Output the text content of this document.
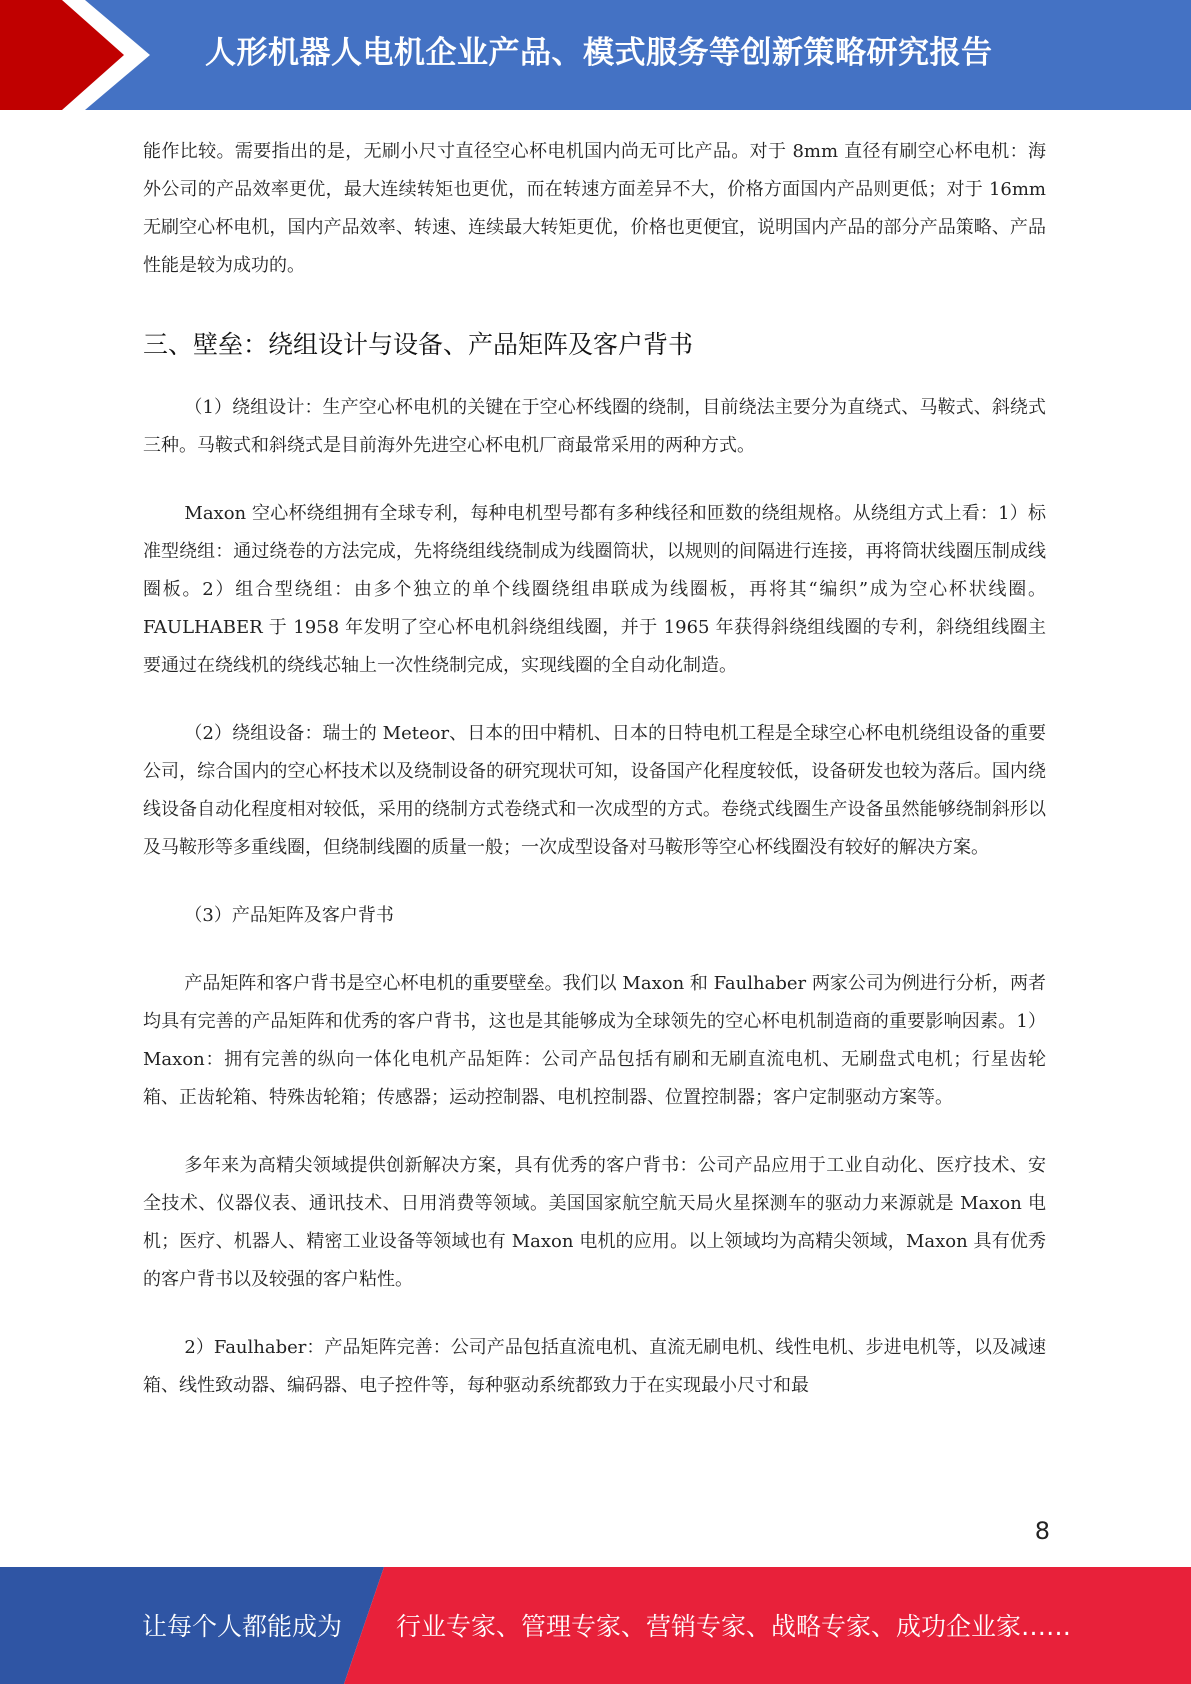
人形机器人电机企业产品、模式服务等创新策略研究报告

能作比较。需要指出的是，无刷小尺寸直径空心杯电机国内尚无可比产品。对于 8mm 直径有刷空心杯电机：海外公司的产品效率更优，最大连续转矩也更优，而在转速方面差异不大，价格方面国内产品则更低；对于 16mm 无刷空心杯电机，国内产品效率、转速、连续最大转矩更优，价格也更便宜，说明国内产品的部分产品策略、产品性能是较为成功的。

三、壁垒：绕组设计与设备、产品矩阵及客户背书

（1）绕组设计：生产空心杯电机的关键在于空心杯线圈的绕制，目前绕法主要分为直绕式、马鞍式、斜绕式三种。马鞍式和斜绕式是目前海外先进空心杯电机厂商最常采用的两种方式。

Maxon 空心杯绕组拥有全球专利，每种电机型号都有多种线径和匝数的绕组规格。从绕组方式上看：1）标准型绕组：通过绕卷的方法完成，先将绕组线绕制成为线圈筒状，以规则的间隔进行连接，再将筒状线圈压制成线圈板。2）组合型绕组：由多个独立的单个线圈绕组串联成为线圈板，再将其“编织”成为空心杯状线圈。FAULHABER 于 1958 年发明了空心杯电机斜绕组线圈，并于 1965 年获得斜绕组线圈的专利，斜绕组线圈主要通过在绕线机的绕线芯轴上一次性绕制完成，实现线圈的全自动化制造。

（2）绕组设备：瑞士的 Meteor、日本的田中精机、日本的日特电机工程是全球空心杯电机绕组设备的重要公司，综合国内的空心杯技术以及绕制设备的研究现状可知，设备国产化程度较低，设备研发也较为落后。国内绕线设备自动化程度相对较低，采用的绕制方式卷绕式和一次成型的方式。卷绕式线圈生产设备虽然能够绕制斜形以及马鞍形等多重线圈，但绕制线圈的质量一般；一次成型设备对马鞍形等空心杯线圈没有较好的解决方案。

（3）产品矩阵及客户背书

产品矩阵和客户背书是空心杯电机的重要壁垒。我们以 Maxon 和 Faulhaber 两家公司为例进行分析，两者均具有完善的产品矩阵和优秀的客户背书，这也是其能够成为全球领先的空心杯电机制造商的重要影响因素。1）Maxon：拥有完善的纵向一体化电机产品矩阵：公司产品包括有刷和无刷直流电机、无刷盘式电机；行星齿轮箱、正齿轮箱、特殊齿轮箱；传感器；运动控制器、电机控制器、位置控制器；客户定制驱动方案等。

多年来为高精尖领域提供创新解决方案，具有优秀的客户背书：公司产品应用于工业自动化、医疗技术、安全技术、仪器仪表、通讯技术、日用消费等领域。美国国家航空航天局火星探测车的驱动力来源就是 Maxon 电机；医疗、机器人、精密工业设备等领域也有 Maxon 电机的应用。以上领域均为高精尖领域，Maxon 具有优秀的客户背书以及较强的客户粘性。

2）Faulhaber：产品矩阵完善：公司产品包括直流电机、直流无刷电机、线性电机、步进电机等，以及减速箱、线性致动器、编码器、电子控件等，每种驱动系统都致力于在实现最小尺寸和最

8
让每个人都能成为 行业专家、管理专家、营销专家、战略专家、成功企业家……
